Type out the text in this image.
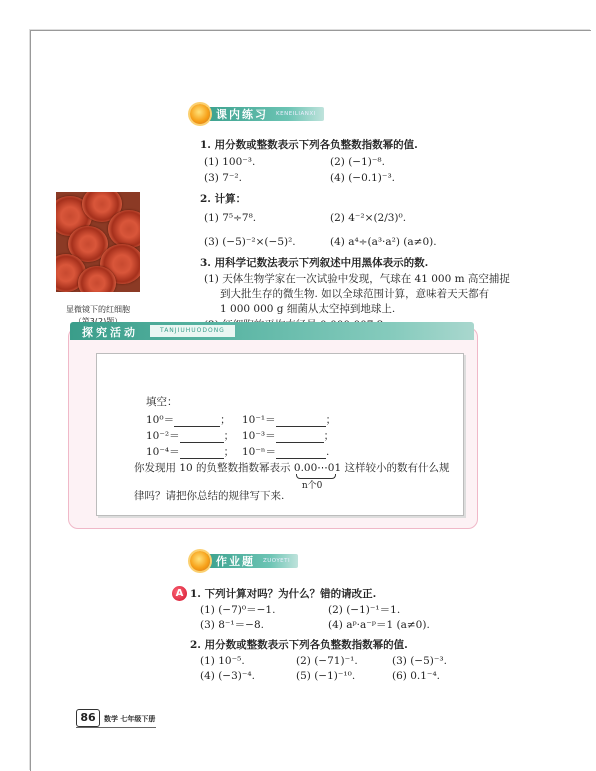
课内练习 KENEILIANXI
1. 用分数或整数表示下列各负整数指数幂的值.
(1) 100⁻³.	(2) (−1)⁻⁸.
(3) 7⁻².	(4) (−0.1)⁻³.
2. 计算：
(1) 7⁵÷7⁸.	(2) 4⁻²×(2/3)⁰.
(3) (−5)⁻²×(−5)².	(4) a⁴÷(a³·a²) (a≠0).
显微镜下的红细胞
3. 用科学记数法表示下列叙述中用黑体表示的数.
(1) 天体生物学家在一次试验中发现，气球在 41 000 m 高空捕捉
到大批生存的微生物. 如以全球范围计算，意味着天天都有
1 000 000 g 细菌从太空掉到地球上.
探究活动	TANJIUHUODONG
填空：
10⁰＝	； 10⁻¹＝	；
10⁻²＝	； 10⁻³＝	；
10⁻⁴＝	； 10⁻ⁿ＝	.
你发现用 10 的负整数指数幂表示 0.00⋯01
n个0
这样较小的数有什么规
律吗？请把你总结的规律写下来.
作业题 ZUOYETI
A 1. 下列计算对吗？为什么？错的请改正.
(1) (−7)⁰＝−1.	(2) (−1)⁻¹＝1.
(3) 8⁻¹＝−8.	(4) aᵖ·a⁻ᵖ＝1 (a≠0).
2. 用分数或整数表示下列各负整数指数幂的值.
(1) 10⁻⁵.	(2) (−71)⁻¹.	(3) (−5)⁻³.
(4) (−3)⁻⁴.	(5) (−1)⁻¹⁰.	(6) 0.1⁻⁴.
86	数学 七年级下册
